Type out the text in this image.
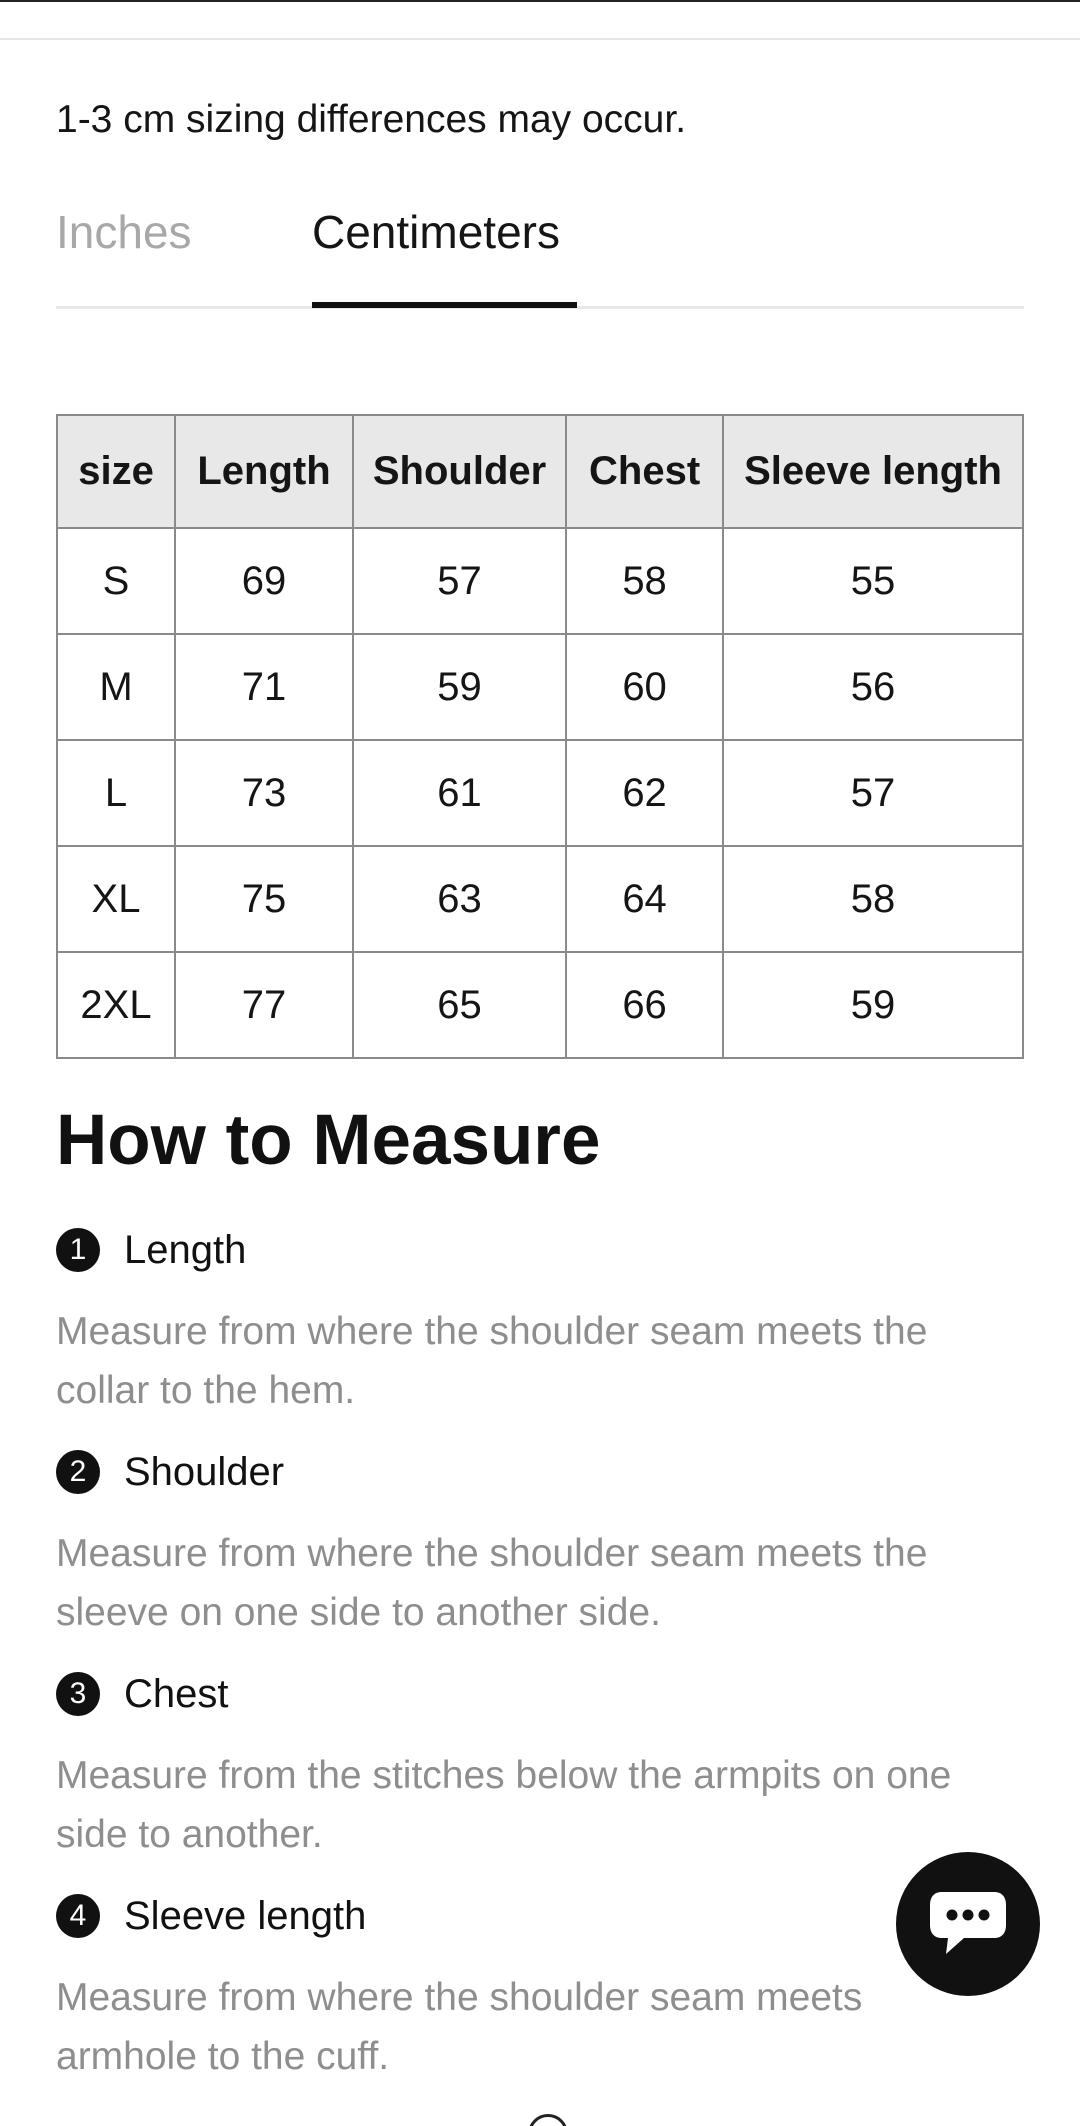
1-3 cm sizing differences may occur.
Inches	Centimeters
size	Length	Shoulder	Chest	Sleeve length
S	69	57	58	55
M	71	59	60	56
L	73	61	62	57
XL	75	63	64	58
2XL	77	65	66	59
How to Measure
1 Length
Measure from where the shoulder seam meets the collar to the hem.
2 Shoulder
Measure from where the shoulder seam meets the sleeve on one side to another side.
3 Chest
Measure from the stitches below the armpits on one side to another.
4 Sleeve length
Measure from where the shoulder seam meets armhole to the cuff.
